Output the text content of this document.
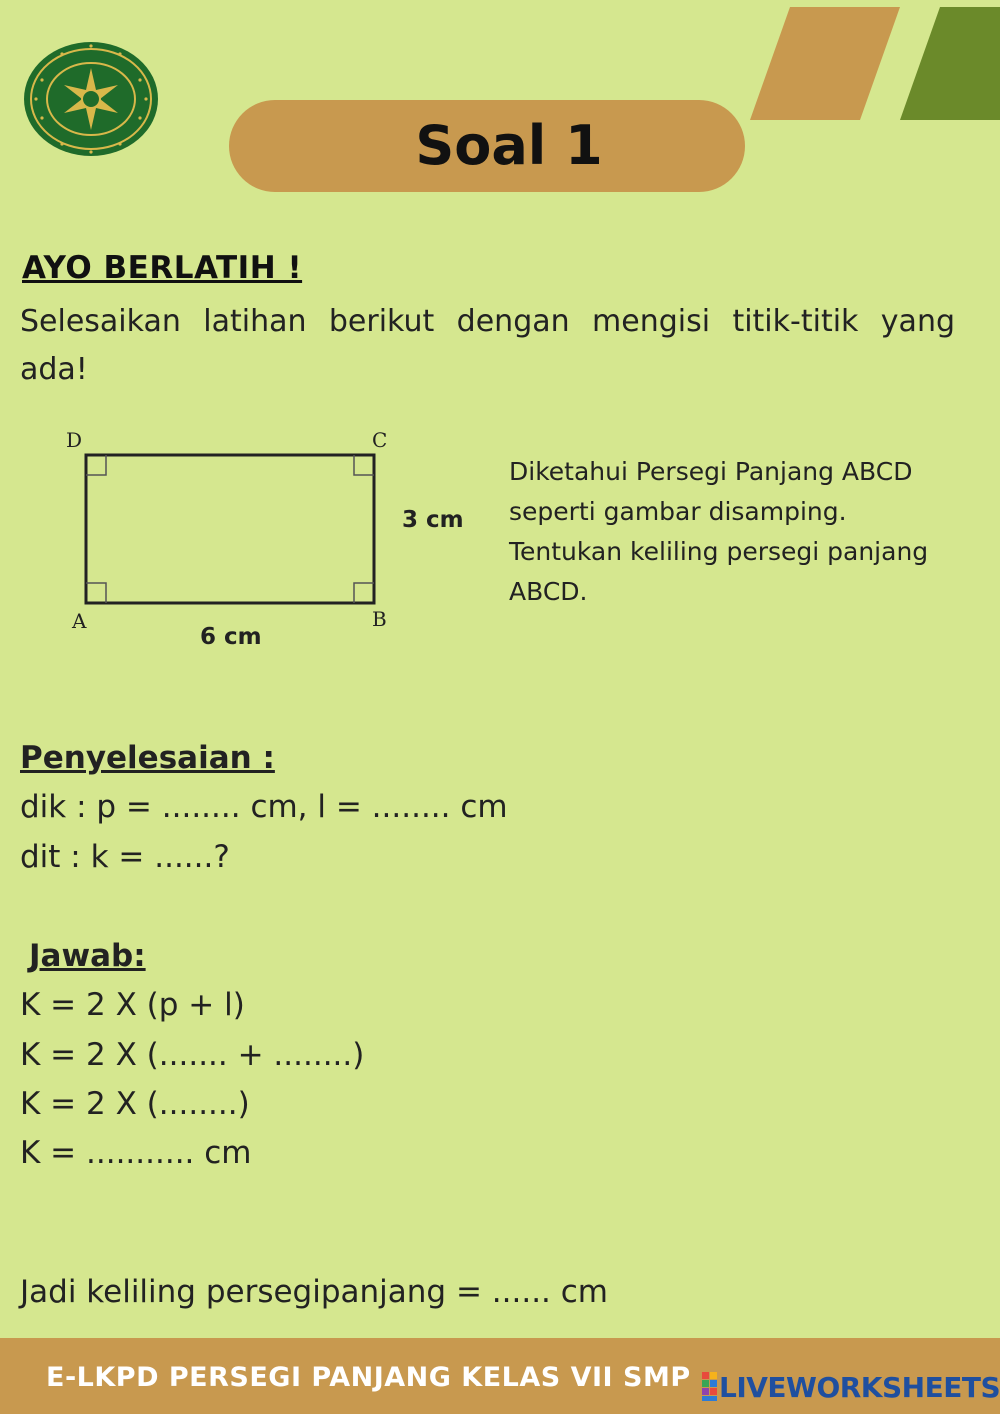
Soal 1
AYO BERLATIH !
Selesaikan latihan berikut dengan mengisi titik-titik yang ada!
D	C
A	B
6 cm
3 cm
Diketahui Persegi Panjang ABCD seperti gambar disamping. Tentukan keliling persegi panjang ABCD.
Penyelesaian :
dik : p = ........ cm, l = ........ cm
dit : k = ......?
Jawab:
K = 2 X (p + l)
K = 2 X (....... + ........)
K = 2 X (........)
K = ........... cm
Jadi keliling persegipanjang = ...... cm
E-LKPD PERSEGI PANJANG KELAS VII SMP LIVEWORKSHEETS
